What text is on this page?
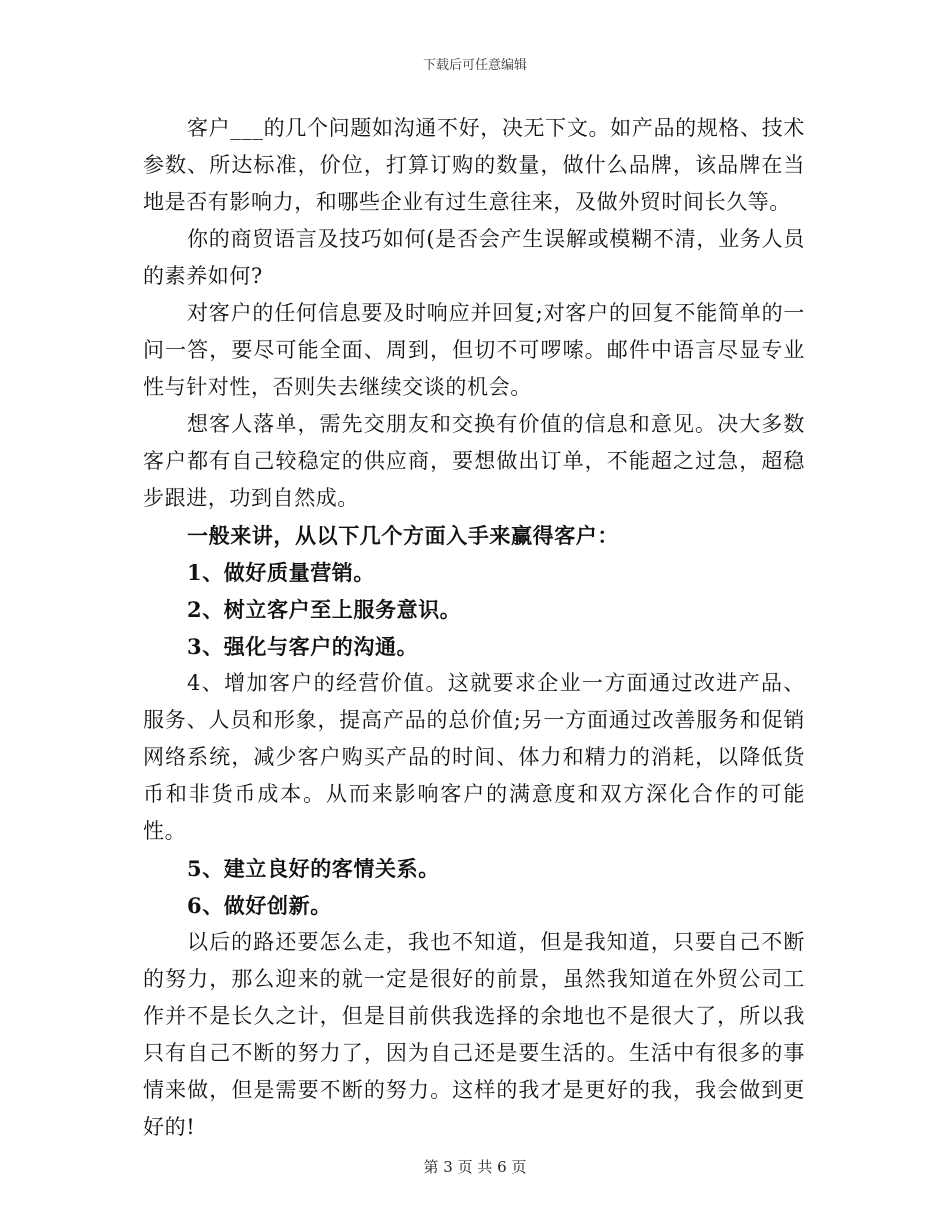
下载后可任意编辑

客户___的几个问题如沟通不好，决无下文。如产品的规格、技术参数、所达标准，价位，打算订购的数量，做什么品牌，该品牌在当地是否有影响力，和哪些企业有过生意往来，及做外贸时间长久等。

你的商贸语言及技巧如何(是否会产生误解或模糊不清，业务人员的素养如何?

对客户的任何信息要及时响应并回复;对客户的回复不能简单的一问一答，要尽可能全面、周到，但切不可啰嗦。邮件中语言尽显专业性与针对性，否则失去继续交谈的机会。

想客人落单，需先交朋友和交换有价值的信息和意见。决大多数客户都有自己较稳定的供应商，要想做出订单，不能超之过急，超稳步跟进，功到自然成。

一般来讲，从以下几个方面入手来赢得客户：

1、做好质量营销。

2、树立客户至上服务意识。

3、强化与客户的沟通。

4、增加客户的经营价值。这就要求企业一方面通过改进产品、服务、人员和形象，提高产品的总价值;另一方面通过改善服务和促销网络系统，减少客户购买产品的时间、体力和精力的消耗，以降低货币和非货币成本。从而来影响客户的满意度和双方深化合作的可能性。

5、建立良好的客情关系。

6、做好创新。

以后的路还要怎么走，我也不知道，但是我知道，只要自己不断的努力，那么迎来的就一定是很好的前景，虽然我知道在外贸公司工作并不是长久之计，但是目前供我选择的余地也不是很大了，所以我只有自己不断的努力了，因为自己还是要生活的。生活中有很多的事情来做，但是需要不断的努力。这样的我才是更好的我，我会做到更好的!

第 3 页 共 6 页
